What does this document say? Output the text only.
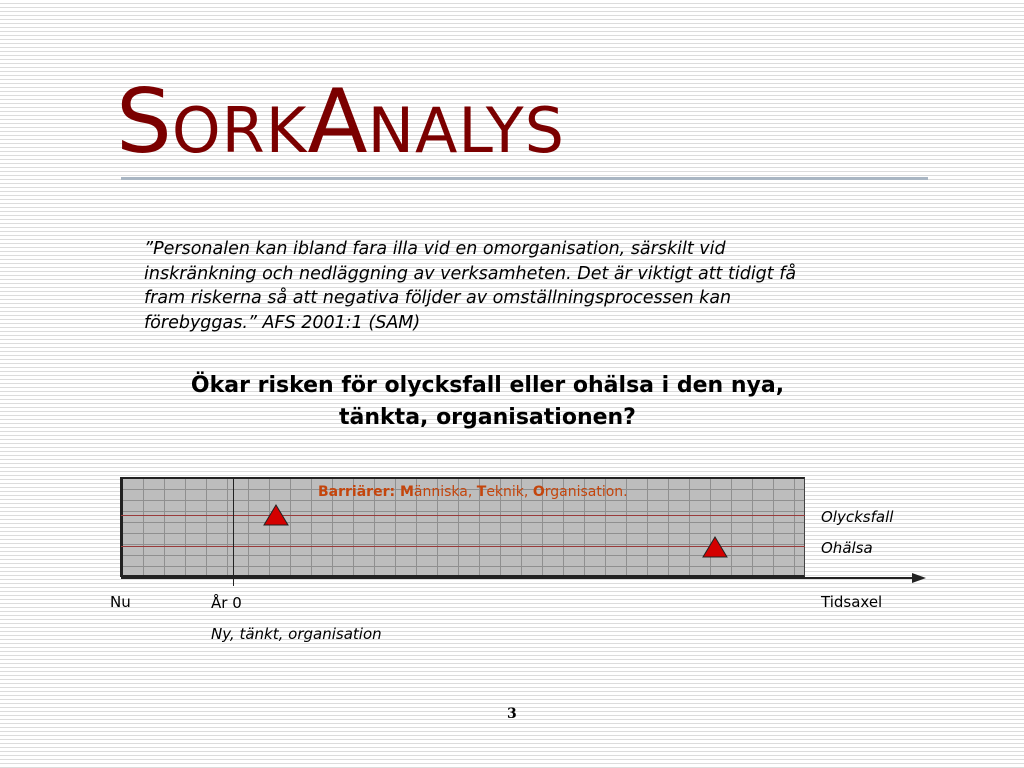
SORKANALYS

”Personalen kan ibland fara illa vid en omorganisation, särskilt vid inskränkning och nedläggning av verksamheten. Det är viktigt att tidigt få fram riskerna så att negativa följder av omställningsprocessen kan förebyggas.” AFS 2001:1 (SAM)

Ökar risken för olycksfall eller ohälsa i den nya, tänkta, organisationen?

Barriärer: Människa, Teknik, Organisation.

Olycksfall

Ohälsa

Nu	År 0

Ny, tänkt, organisation

Tidsaxel

3
